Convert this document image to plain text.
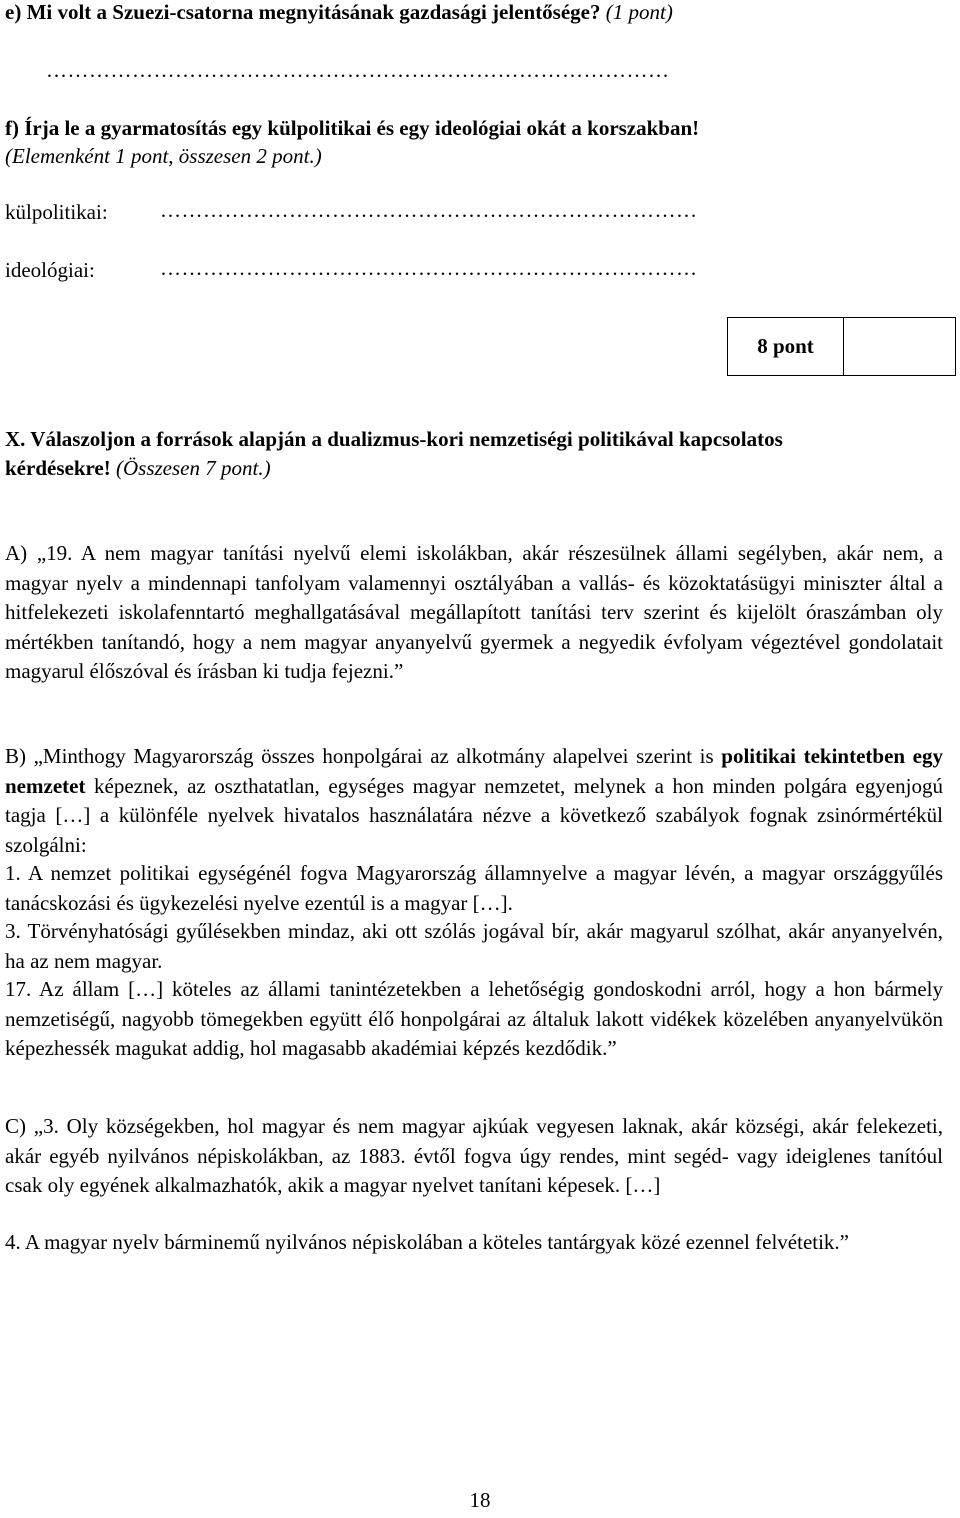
e) Mi volt a Szuezi-csatorna megnyitásának gazdasági jelentősége? (1 pont)
……………………………………………………………………………
f) Írja le a gyarmatosítás egy külpolitikai és egy ideológiai okát a korszakban!
(Elemenként 1 pont, összesen 2 pont.)
külpolitikai: …………………………………………………………………
ideológiai:	…………………………………………………………………
8 pont
X. Válaszoljon a források alapján a dualizmus-kori nemzetiségi politikával kapcsolatos
kérdésekre! (Összesen 7 pont.)
A) „19. A nem magyar tanítási nyelvű elemi iskolákban, akár részesülnek állami segélyben, akár nem, a magyar nyelv a mindennapi tanfolyam valamennyi osztályában a vallás- és közoktatásügyi miniszter által a hitfelekezeti iskolafenntartó meghallgatásával megállapított tanítási terv szerint és kijelölt óraszámban oly mértékben tanítandó, hogy a nem magyar anyanyelvű gyermek a negyedik évfolyam végeztével gondolatait magyarul élőszóval és írásban ki tudja fejezni.”
B) „Minthogy Magyarország összes honpolgárai az alkotmány alapelvei szerint is politikai tekintetben egy nemzetet képeznek, az oszthatatlan, egységes magyar nemzetet, melynek a hon minden polgára egyenjogú tagja […] a különféle nyelvek hivatalos használatára nézve a következő szabályok fognak zsinórmértékül szolgálni:
1. A nemzet politikai egységénél fogva Magyarország államnyelve a magyar lévén, a magyar országgyűlés tanácskozási és ügykezelési nyelve ezentúl is a magyar […].
3. Törvényhatósági gyűlésekben mindaz, aki ott szólás jogával bír, akár magyarul szólhat, akár anyanyelvén, ha az nem magyar.
17. Az állam […] köteles az állami tanintézetekben a lehetőségig gondoskodni arról, hogy a hon bármely nemzetiségű, nagyobb tömegekben együtt élő honpolgárai az általuk lakott vidékek közelében anyanyelvükön képezhessék magukat addig, hol magasabb akadémiai képzés kezdődik.”
C) „3. Oly községekben, hol magyar és nem magyar ajkúak vegyesen laknak, akár községi, akár felekezeti, akár egyéb nyilvános népiskolákban, az 1883. évtől fogva úgy rendes, mint segéd- vagy ideiglenes tanítóul csak oly egyének alkalmazhatók, akik a magyar nyelvet tanítani képesek. […]
4. A magyar nyelv bárminemű nyilvános népiskolában a köteles tantárgyak közé ezennel felvétetik.”
18
